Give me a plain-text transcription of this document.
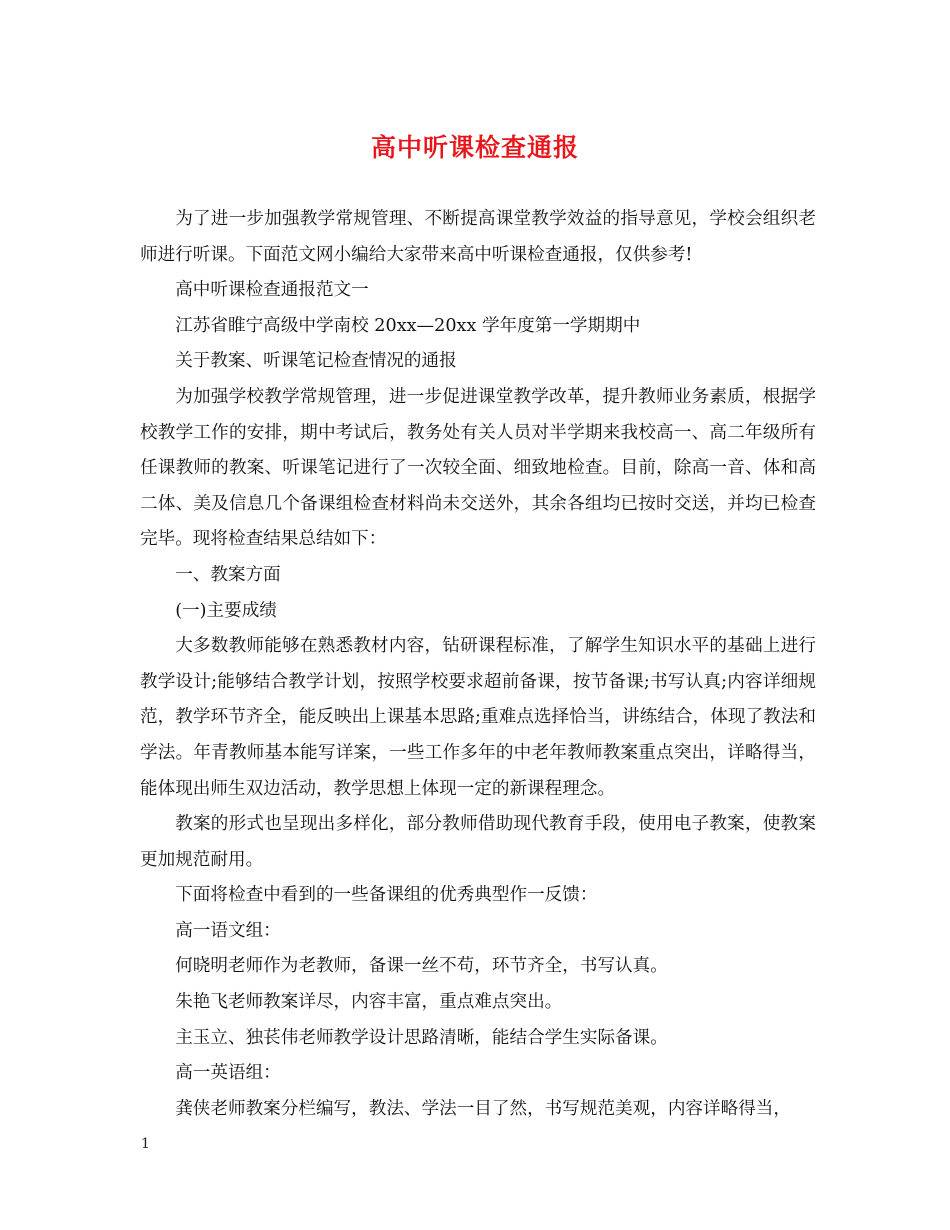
高中听课检查通报

为了进一步加强教学常规管理、不断提高课堂教学效益的指导意见，学校会组织老师进行听课。下面范文网小编给大家带来高中听课检查通报，仅供参考!

高中听课检查通报范文一

江苏省睢宁高级中学南校 20xx—20xx 学年度第一学期期中

关于教案、听课笔记检查情况的通报

为加强学校教学常规管理，进一步促进课堂教学改革，提升教师业务素质，根据学校教学工作的安排，期中考试后，教务处有关人员对半学期来我校高一、高二年级所有任课教师的教案、听课笔记进行了一次较全面、细致地检查。目前，除高一音、体和高二体、美及信息几个备课组检查材料尚未交送外，其余各组均已按时交送，并均已检查完毕。现将检查结果总结如下：

一、教案方面

(一)主要成绩

大多数教师能够在熟悉教材内容，钻研课程标准，了解学生知识水平的基础上进行教学设计;能够结合教学计划，按照学校要求超前备课，按节备课;书写认真;内容详细规范，教学环节齐全，能反映出上课基本思路;重难点选择恰当，讲练结合，体现了教法和学法。年青教师基本能写详案，一些工作多年的中老年教师教案重点突出，详略得当，能体现出师生双边活动，教学思想上体现一定的新课程理念。

教案的形式也呈现出多样化，部分教师借助现代教育手段，使用电子教案，使教案更加规范耐用。

下面将检查中看到的一些备课组的优秀典型作一反馈：

高一语文组：

何晓明老师作为老教师，备课一丝不苟，环节齐全，书写认真。

朱艳飞老师教案详尽，内容丰富，重点难点突出。

主玉立、独苌伟老师教学设计思路清晰，能结合学生实际备课。

高一英语组：

龚侠老师教案分栏编写，教法、学法一目了然，书写规范美观，内容详略得当，

1
